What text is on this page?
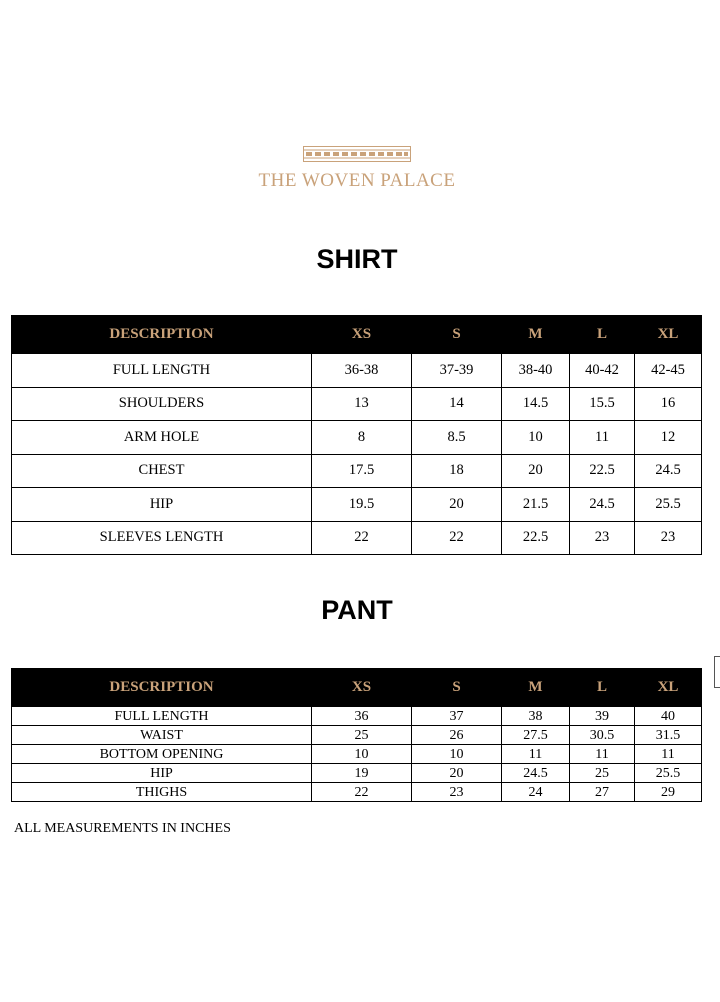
THE WOVEN PALACE
SHIRT
DESCRIPTION	XS	S	M	L	XL
FULL LENGTH	36-38	37-39	38-40	40-42	42-45
SHOULDERS	13	14	14.5	15.5	16
ARM HOLE	8	8.5	10	11	12
CHEST	17.5	18	20	22.5	24.5
HIP	19.5	20	21.5	24.5	25.5
SLEEVES LENGTH	22	22	22.5	23	23
PANT
DESCRIPTION	XS	S	M	L	XL
FULL LENGTH	36	37	38	39	40
WAIST	25	26	27.5	30.5	31.5
BOTTOM OPENING	10	10	11	11	11
HIP	19	20	24.5	25	25.5
THIGHS	22	23	24	27	29
ALL MEASUREMENTS IN INCHES
